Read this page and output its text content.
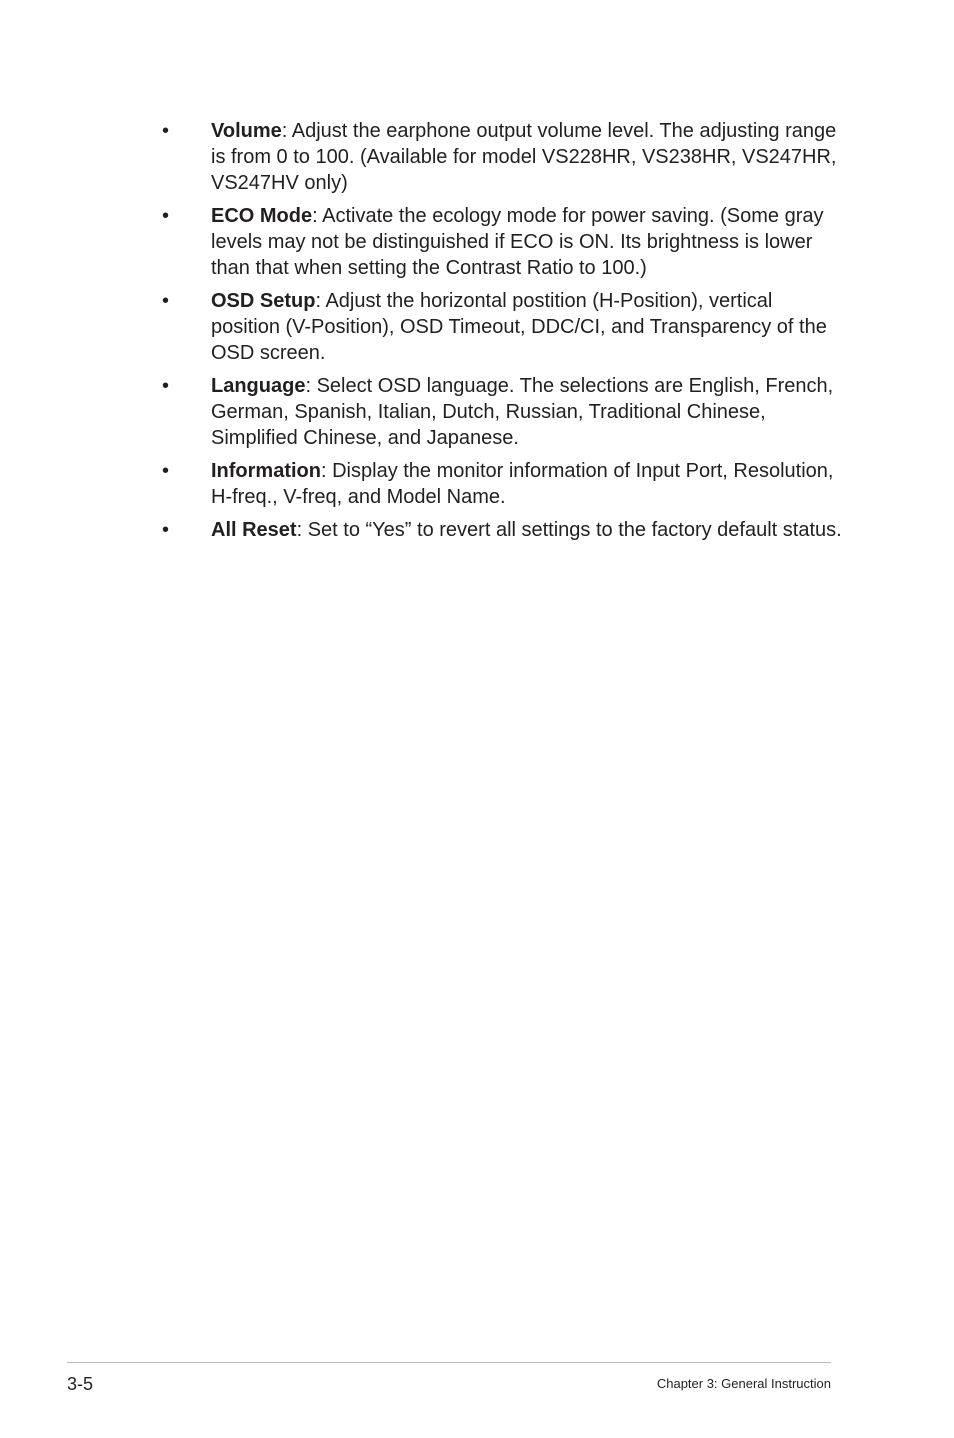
•	Volume: Adjust the earphone output volume level. The adjusting range is from 0 to 100. (Available for model VS228HR, VS238HR, VS247HR, VS247HV only)
•	ECO Mode: Activate the ecology mode for power saving. (Some gray levels may not be distinguished if ECO is ON. Its brightness is lower than that when setting the Contrast Ratio to 100.)
•	OSD Setup: Adjust the horizontal postition (H-Position), vertical position (V-Position), OSD Timeout, DDC/CI, and Transparency of the OSD screen.
•	Language: Select OSD language. The selections are English, French, German, Spanish, Italian, Dutch, Russian, Traditional Chinese, Simplified Chinese, and Japanese.
•	Information: Display the monitor information of Input Port, Resolution, H-freq., V-freq, and Model Name.
•	All Reset: Set to “Yes” to revert all settings to the factory default status.
3-5	Chapter 3: General Instruction
